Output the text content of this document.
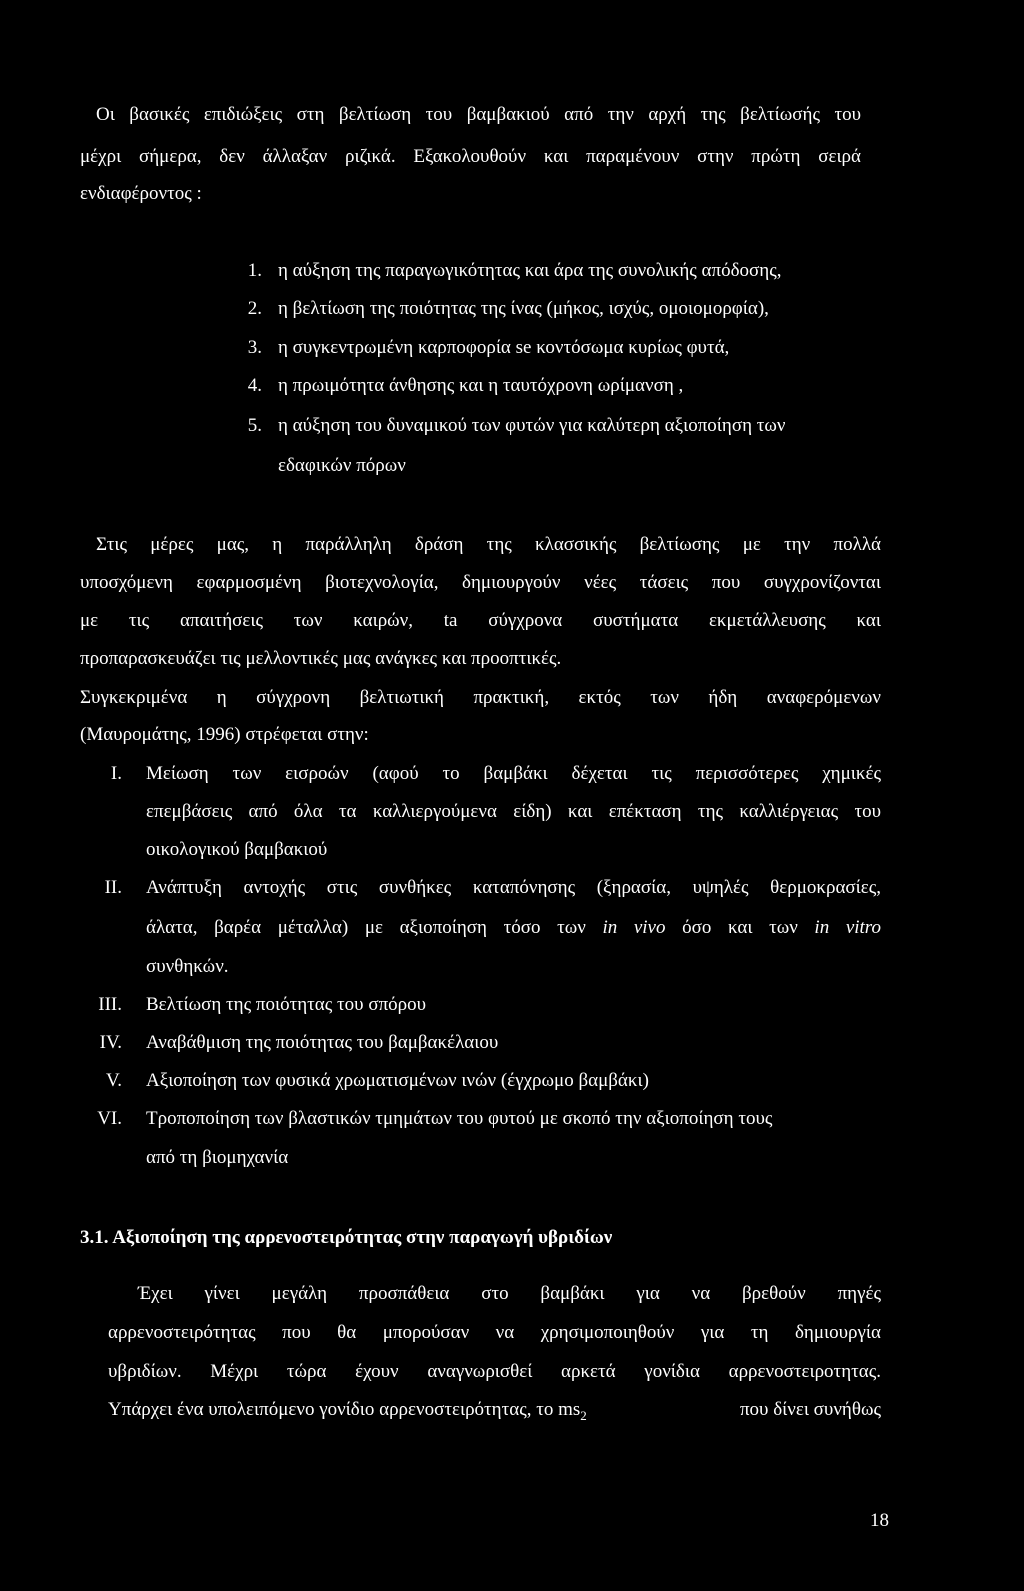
Οι βασικές επιδιώξεις στη βελτίωση του βαμβακιού από την αρχή της βελτίωσής του
μέχρι σήμερα, δεν άλλαξαν ριζικά. Εξακολουθούν και παραμένουν στην πρώτη σειρά
ενδιαφέροντος :
1. η αύξηση της παραγωγικότητας και άρα της συνολικής απόδοσης,
2. η βελτίωση της ποιότητας της ίνας (μήκος, ισχύς, ομοιομορφία),
3. η συγκεντρωμένη καρποφορία se κοντόσωμα κυρίως φυτά,
4. η πρωιμότητα άνθησης και η ταυτόχρονη ωρίμανση ,
5. η αύξηση του δυναμικού των φυτών για καλύτερη αξιοποίηση των
εδαφικών πόρων
Στις μέρες μας, η παράλληλη δράση της κλασσικής βελτίωσης με την πολλά
υποσχόμενη εφαρμοσμένη βιοτεχνολογία, δημιουργούν νέες τάσεις που συγχρονίζονται
με τις απαιτήσεις των καιρών, ta σύγχρονα συστήματα εκμετάλλευσης και
προπαρασκευάζει τις μελλοντικές μας ανάγκες και προοπτικές.
Συγκεκριμένα η σύγχρονη βελτιωτική πρακτική, εκτός των ήδη αναφερόμενων
(Μαυρομάτης, 1996) στρέφεται στην:
I. Μείωση των εισροών (αφού το βαμβάκι δέχεται τις περισσότερες χημικές
επεμβάσεις από όλα τα καλλιεργούμενα είδη) και επέκταση της καλλιέργειας του
οικολογικού βαμβακιού
II. Ανάπτυξη αντοχής στις συνθήκες καταπόνησης (ξηρασία, υψηλές θερμοκρασίες,
άλατα, βαρέα μέταλλα) με αξιοποίηση τόσο των in vivo όσο και των in vitro
συνθηκών.
III. Βελτίωση της ποιότητας του σπόρου
IV. Αναβάθμιση της ποιότητας του βαμβακέλαιου
V. Αξιοποίηση των φυσικά χρωματισμένων ινών (έγχρωμο βαμβάκι)
VI. Τροποποίηση των βλαστικών τμημάτων του φυτού με σκοπό την αξιοποίηση τους
από τη βιομηχανία
3.1. Αξιοποίηση της αρρενοστειρότητας στην παραγωγή υβριδίων
Έχει γίνει μεγάλη προσπάθεια στο βαμβάκι για να βρεθούν πηγές
αρρενοστειρότητας που θα μπορούσαν να χρησιμοποιηθούν για τη δημιουργία
υβριδίων. Μέχρι τώρα έχουν αναγνωρισθεί αρκετά γονίδια αρρενοστειροτητας.
Υπάρχει ένα υπολειπόμενο γονίδιο αρρενοστειρότητας, το $ms_2$	που δίνει συνήθως
18
